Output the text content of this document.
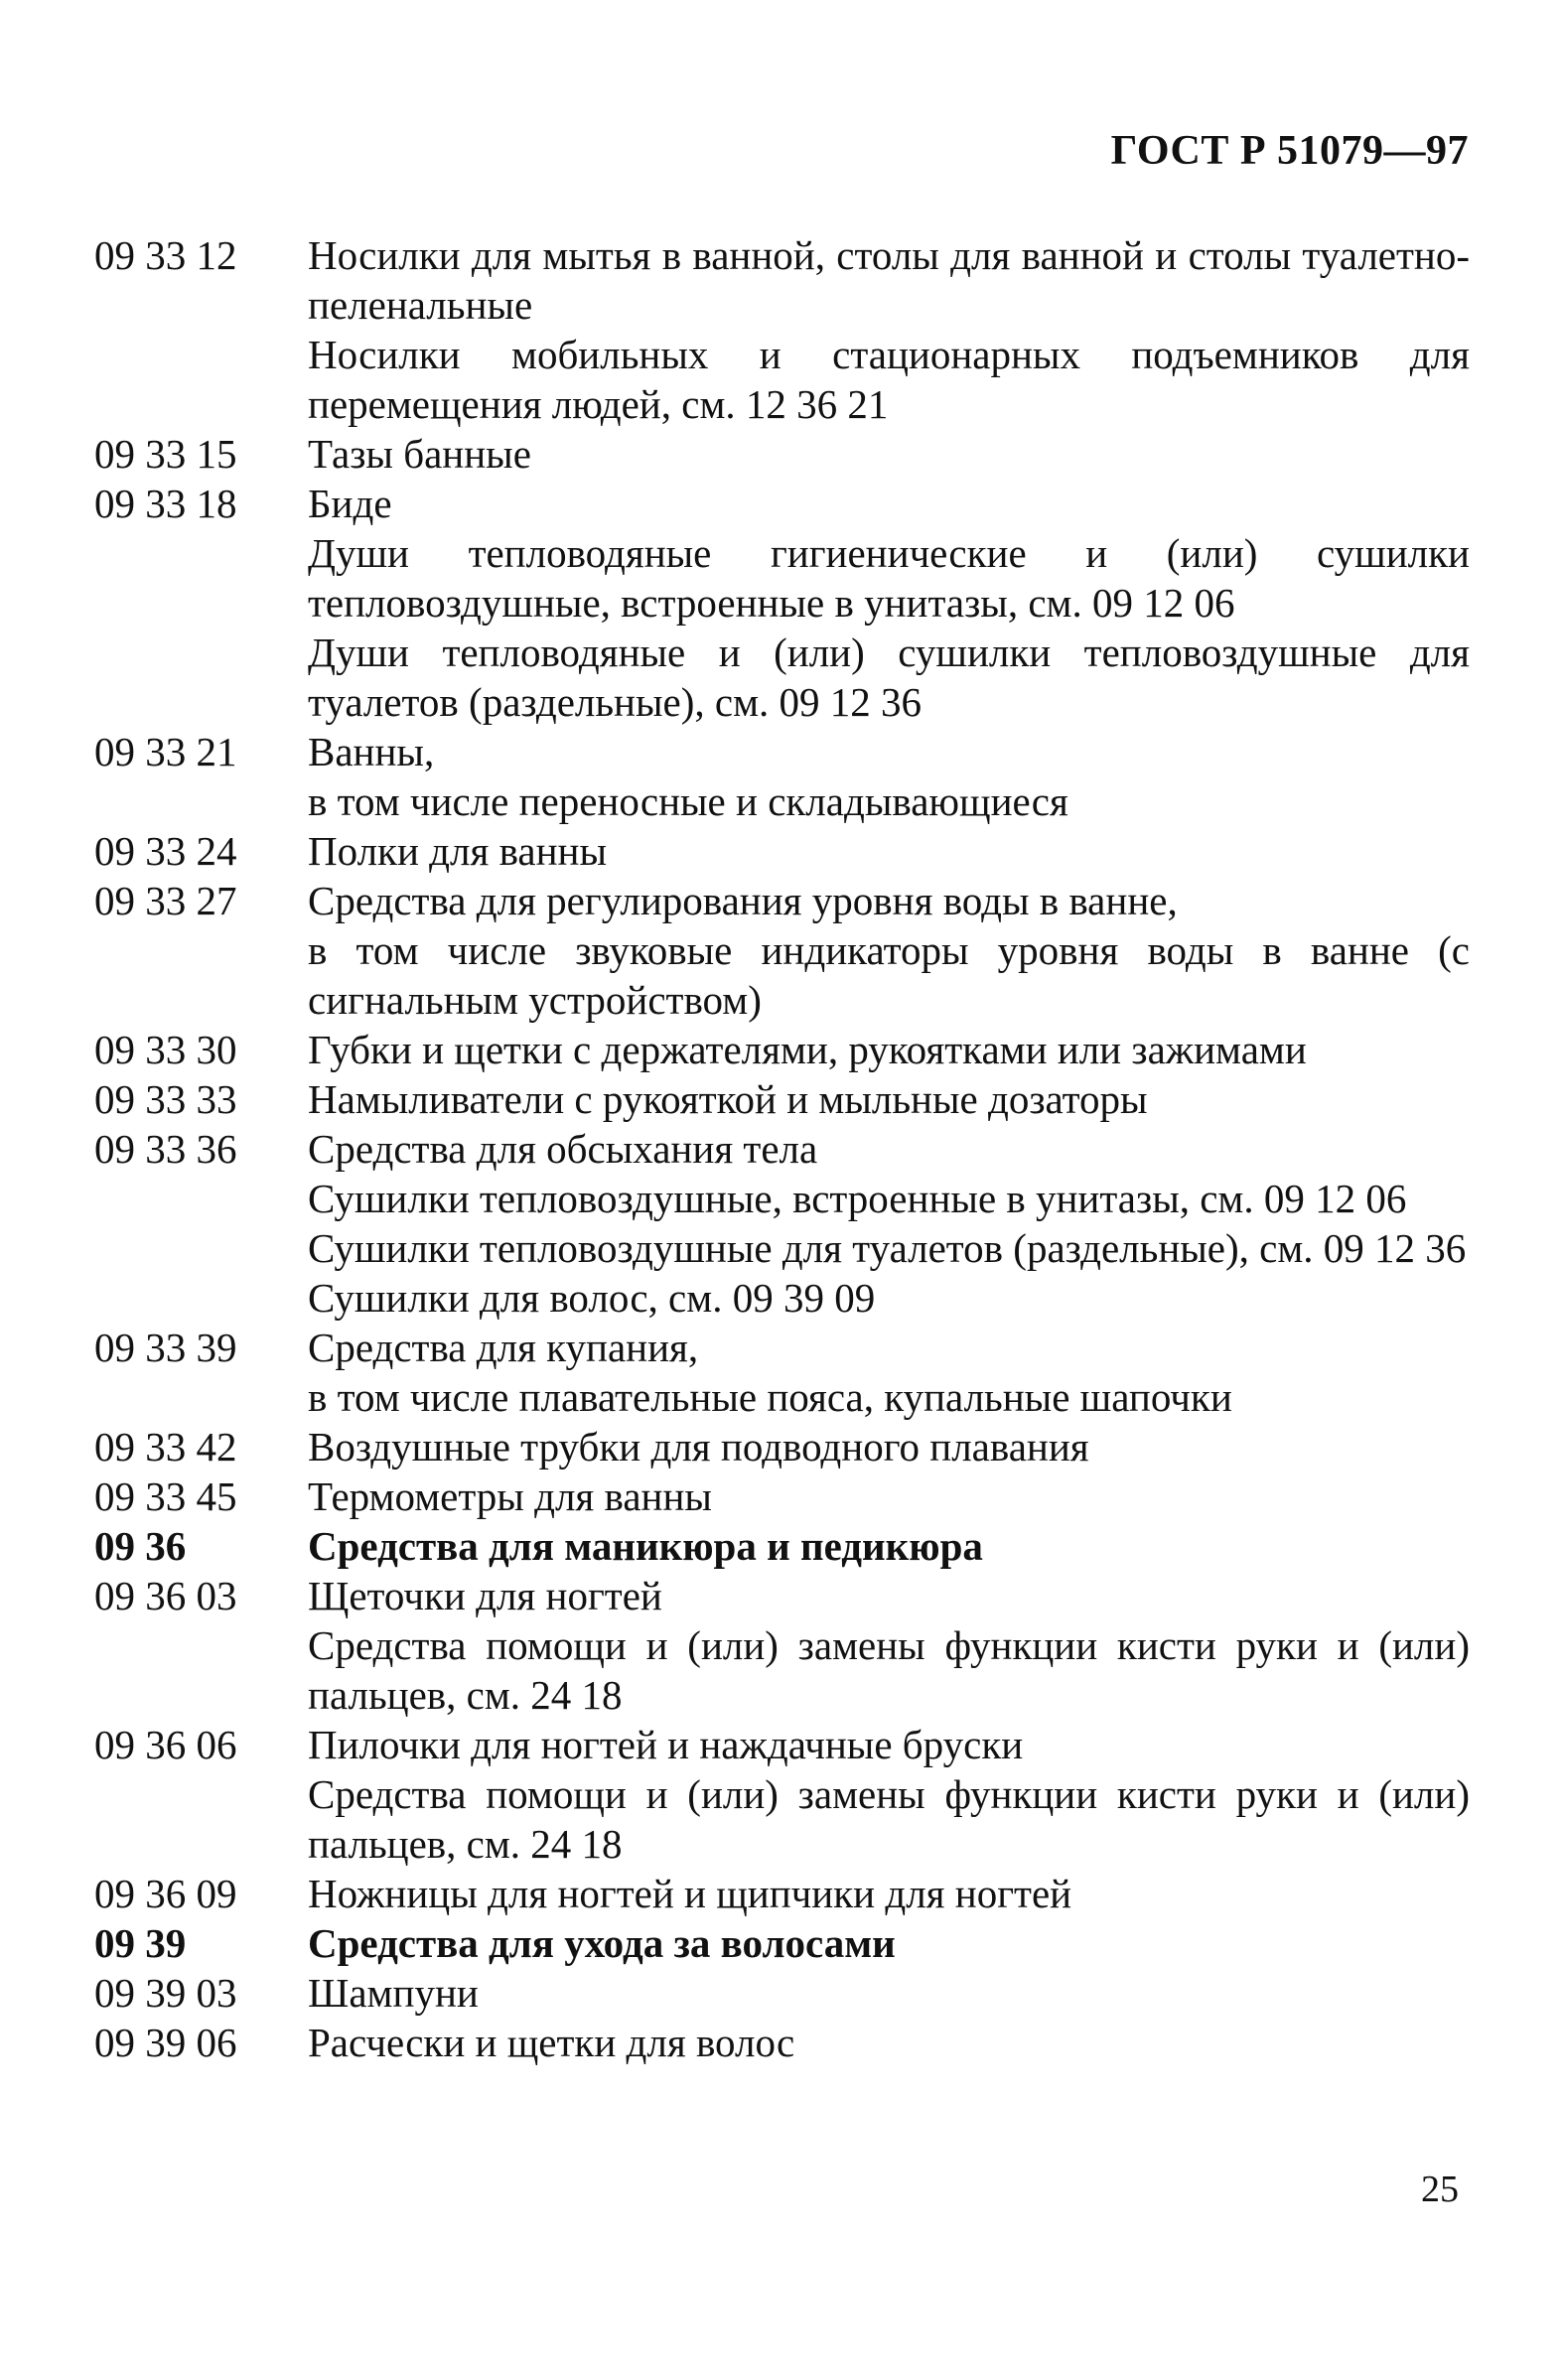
ГОСТ Р 51079—97
09 33 12	Носилки для мытья в ванной, столы для ванной и столы туалетно-пеленальные
Носилки мобильных и стационарных подъемников для перемещения людей, см. 12 36 21
09 33 15	Тазы банные
09 33 18	Биде
Души тепловодяные гигиенические и (или) сушилки тепловоздушные, встроенные в унитазы, см. 09 12 06
Души тепловодяные и (или) сушилки тепловоздушные для туалетов (раздельные), см. 09 12 36
09 33 21	Ванны,
в том числе переносные и складывающиеся
09 33 24	Полки для ванны
09 33 27	Средства для регулирования уровня воды в ванне,
в том числе звуковые индикаторы уровня воды в ванне (с сигнальным устройством)
09 33 30	Губки и щетки с держателями, рукоятками или зажимами
09 33 33	Намыливатели с рукояткой и мыльные дозаторы
09 33 36	Средства для обсыхания тела
Сушилки тепловоздушные, встроенные в унитазы, см. 09 12 06
Сушилки тепловоздушные для туалетов (раздельные), см. 09 12 36
Сушилки для волос, см. 09 39 09
09 33 39	Средства для купания,
в том числе плавательные пояса, купальные шапочки
09 33 42	Воздушные трубки для подводного плавания
09 33 45	Термометры для ванны
09 36	Средства для маникюра и педикюра
09 36 03	Щеточки для ногтей
Средства помощи и (или) замены функции кисти руки и (или) пальцев, см. 24 18
09 36 06	Пилочки для ногтей и наждачные бруски
Средства помощи и (или) замены функции кисти руки и (или) пальцев, см. 24 18
09 36 09	Ножницы для ногтей и щипчики для ногтей
09 39	Средства для ухода за волосами
09 39 03	Шампуни
09 39 06	Расчески и щетки для волос
25
